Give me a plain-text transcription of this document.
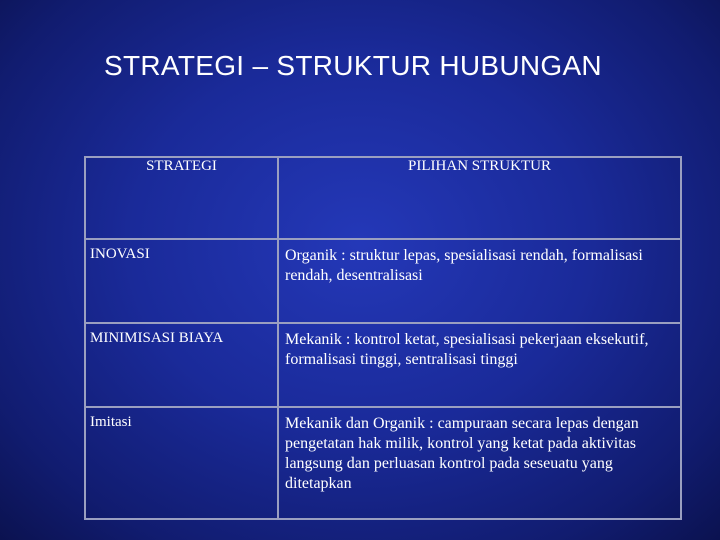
STRATEGI – STRUKTUR HUBUNGAN
STRATEGI	PILIHAN STRUKTUR
INOVASI	Organik : struktur lepas, spesialisasi rendah, formalisasi rendah, desentralisasi
MINIMISASI BIAYA	Mekanik : kontrol ketat, spesialisasi pekerjaan eksekutif, formalisasi tinggi, sentralisasi tinggi
Imitasi	Mekanik dan Organik : campuraan secara lepas dengan pengetatan hak milik, kontrol yang ketat pada aktivitas langsung dan perluasan kontrol pada seseuatu yang ditetapkan
